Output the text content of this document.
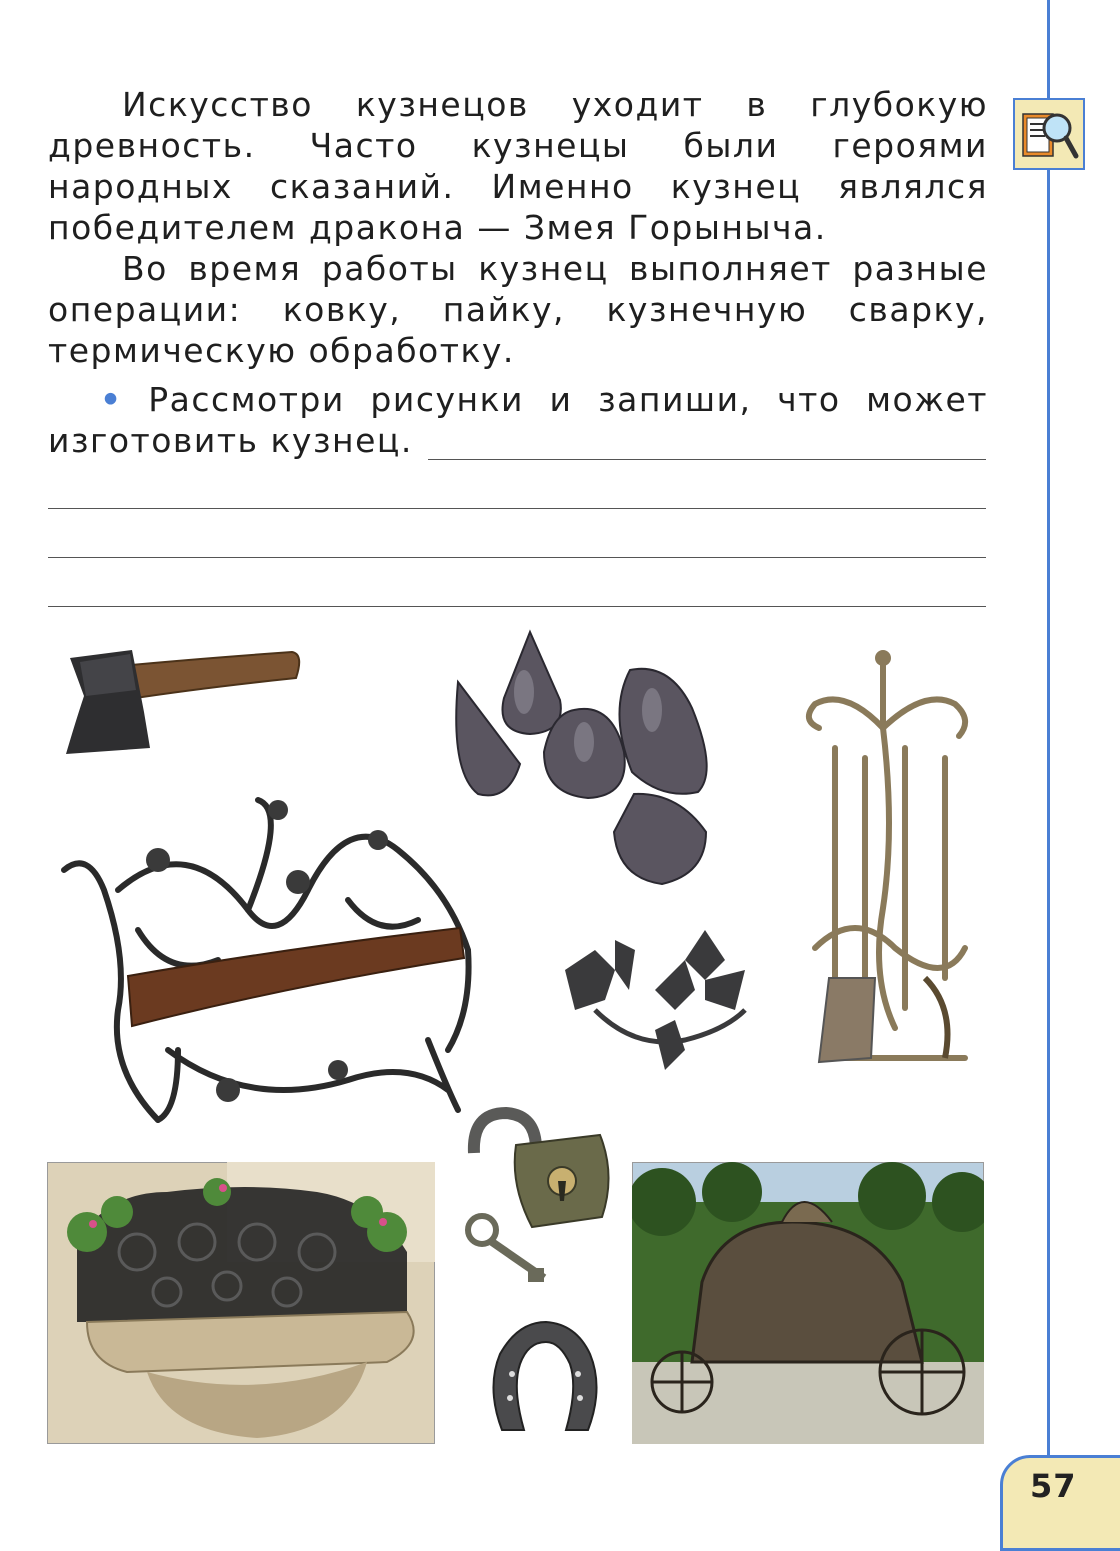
Искусство кузнецов уходит в глубокую древность. Часто кузнецы были героями народных сказаний. Именно кузнец являлся победителем дракона — Змея Горыныча.

Во время работы кузнец выполняет разные операции: ковку, пайку, кузнечную сварку, термическую обработку.

• Рассмотри рисунки и запиши, что может изготовить кузнец.

57
